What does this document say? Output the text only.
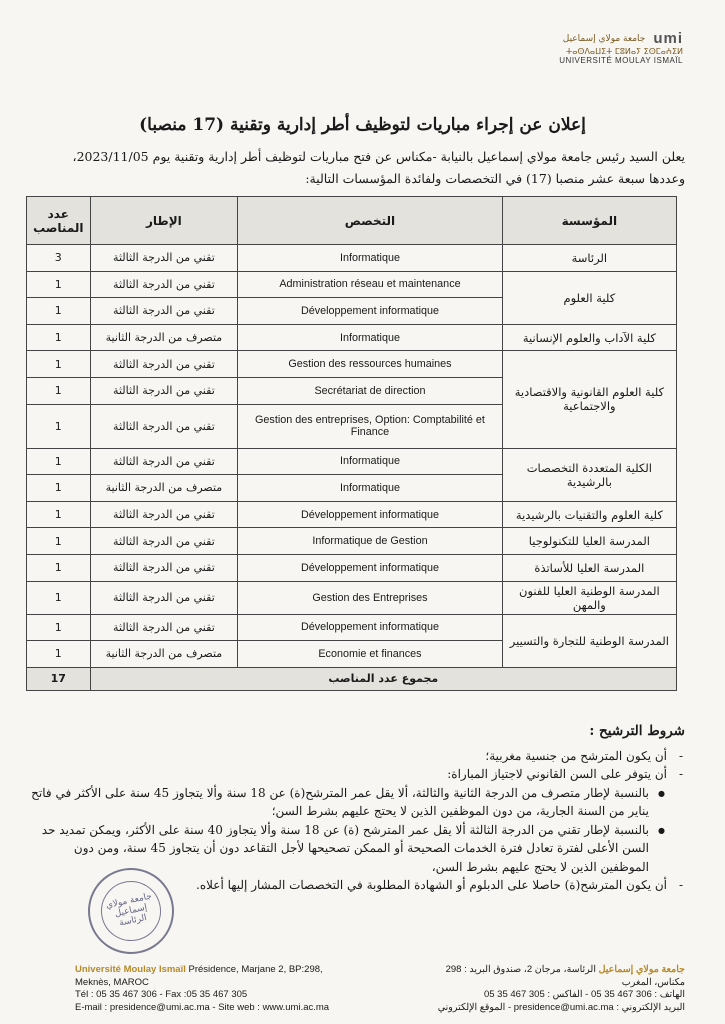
جامعة مولاي إسماعيل umi
ⵜⴰⵙⴷⴰⵡⵉⵜ ⵎⵓⵍⴰⵢ ⵉⵙⵎⴰⵄⵉⵍ
UNIVERSITÉ MOULAY ISMAÏL
إعلان عن إجراء مباريات لتوظيف أطر إدارية وتقنية (17 منصبا)
يعلن السيد رئيس جامعة مولاي إسماعيل بالنيابة -مكناس عن فتح مباريات لتوظيف أطر إدارية وتقنية يوم 2023/11/05،
وعددها سبعة عشر منصبا (17) في التخصصات ولفائدة المؤسسات التالية:
المؤسسة	التخصص	الإطار	عدد المناصب
الرئاسة	Informatique	تقني من الدرجة الثالثة	3
كلية العلوم	Administration réseau et maintenance	تقني من الدرجة الثالثة	1
	Développement informatique	تقني من الدرجة الثالثة	1
كلية الآداب والعلوم الإنسانية	Informatique	متصرف من الدرجة الثانية	1
كلية العلوم القانونية والاقتصادية والاجتماعية	Gestion des ressources humaines	تقني من الدرجة الثالثة	1
	Secrétariat de direction	تقني من الدرجة الثالثة	1
	Gestion des entreprises, Option: Comptabilité et Finance	تقني من الدرجة الثالثة	1
الكلية المتعددة التخصصات بالرشيدية	Informatique	تقني من الدرجة الثالثة	1
	Informatique	متصرف من الدرجة الثانية	1
كلية العلوم والتقنيات بالرشيدية	Développement informatique	تقني من الدرجة الثالثة	1
المدرسة العليا للتكنولوجيا	Informatique de Gestion	تقني من الدرجة الثالثة	1
المدرسة العليا للأساتذة	Développement informatique	تقني من الدرجة الثالثة	1
المدرسة الوطنية العليا للفنون والمهن	Gestion des Entreprises	تقني من الدرجة الثالثة	1
المدرسة الوطنية للتجارة والتسيير	Développement informatique	تقني من الدرجة الثالثة	1
	Economie et finances	متصرف من الدرجة الثانية	1
مجموع عدد المناصب			17
شروط الترشيح :
- أن يكون المترشح من جنسية مغربية؛
- أن يتوفر على السن القانوني لاجتياز المباراة:
● بالنسبة لإطار متصرف من الدرجة الثانية والثالثة، ألا يقل عمر المترشح(ة) عن 18 سنة وألا يتجاوز 45 سنة على الأكثر في فاتح يناير من السنة الجارية، من دون الموظفين الذين لا يحتج عليهم بشرط السن؛
● بالنسبة لإطار تقني من الدرجة الثالثة ألا يقل عمر المترشح (ة) عن 18 سنة وألا يتجاوز 40 سنة على الأكثر، ويمكن تمديد حد السن الأعلى لفترة تعادل فترة الخدمات الصحيحة أو الممكن تصحيحها لأجل التقاعد دون أن يتجاوز 45 سنة، ومن دون الموظفين الذين لا يحتج عليهم بشرط السن،
- أن يكون المترشح(ة) حاصلا على الدبلوم أو الشهادة المطلوبة في التخصصات المشار إليها أعلاه.
جامعة مولاي إسماعيل الرئاسة
Université Moulay Ismaïl Présidence, Marjane 2, BP:298,
Meknès, MAROC
Tél : 05 35 467 306 - Fax :05 35 467 305
E-mail : presidence@umi.ac.ma - Site web : www.umi.ac.ma
جامعة مولاي إسماعيل الرئاسة، مرجان 2، صندوق البريد : 298
مكناس، المغرب
الهاتف : 306 467 35 05 - الفاكس : 305 467 35 05
البريد الإلكتروني : presidence@umi.ac.ma - الموقع الإلكتروني
